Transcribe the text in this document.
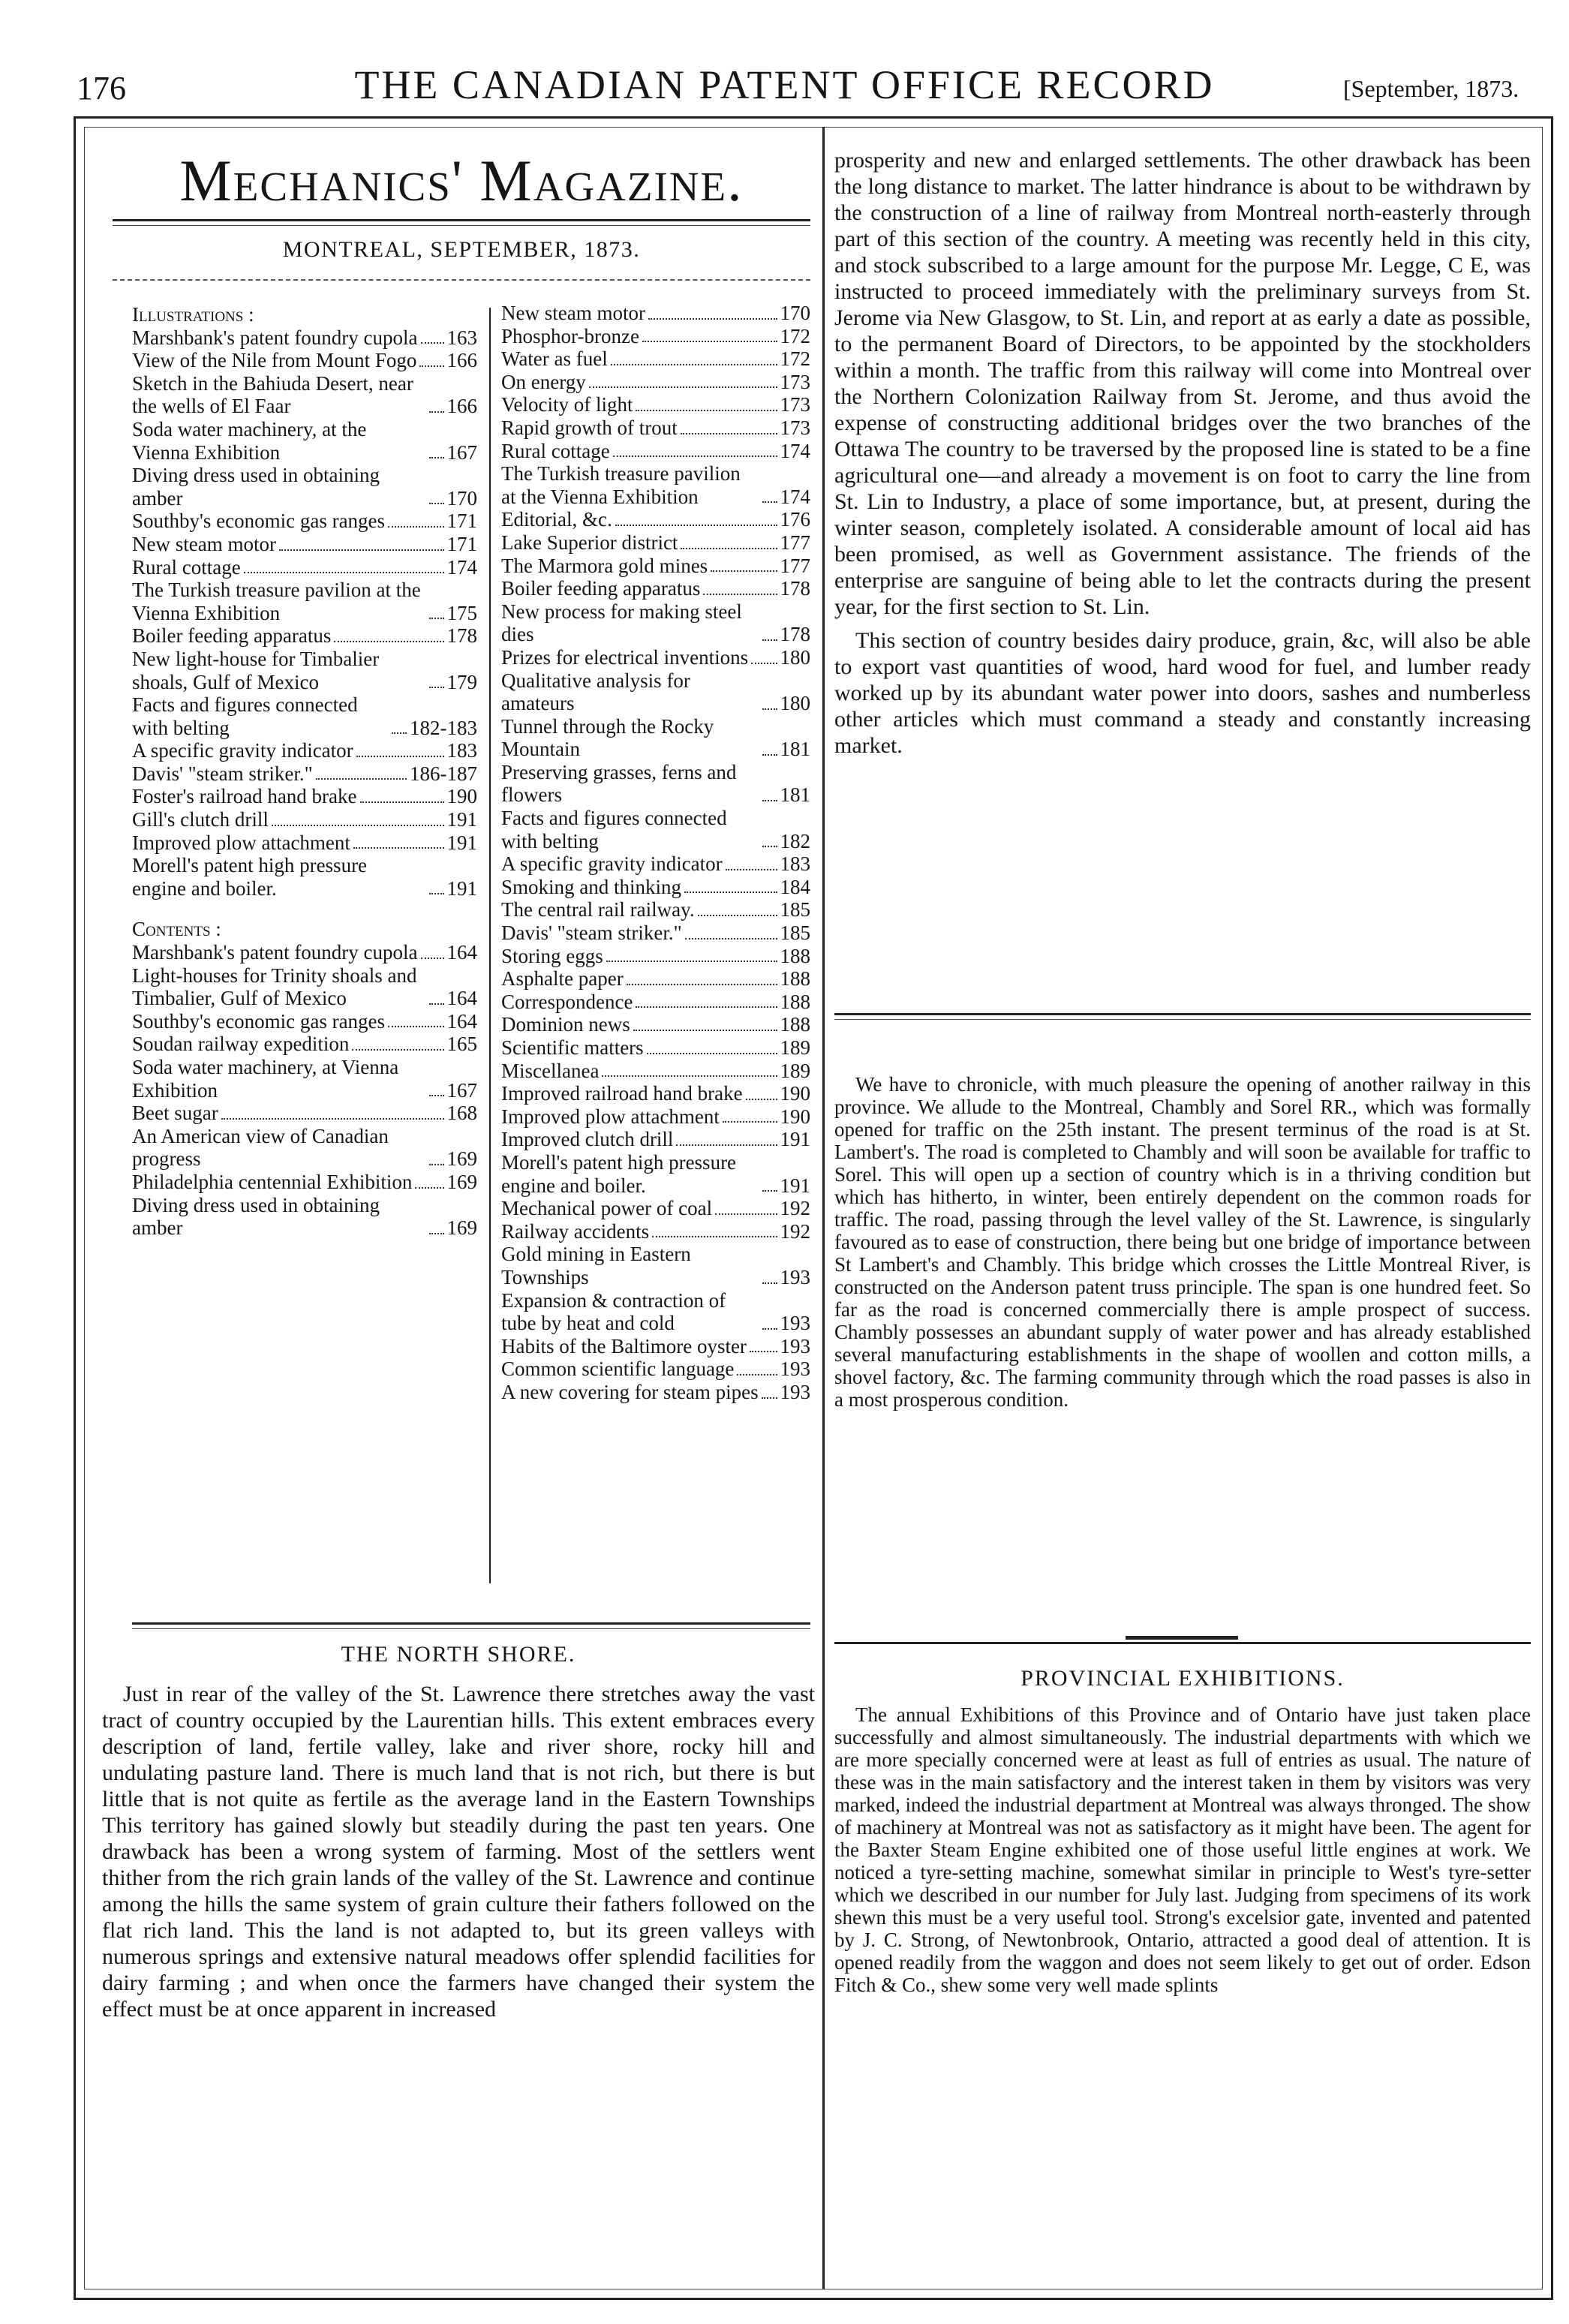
176	THE CANADIAN PATENT OFFICE RECORD	[September, 1873.
Mechanics' Magazine.
MONTREAL, SEPTEMBER, 1873.
Illustrations :
Marshbank's patent foundry cupola 163
View of the Nile from Mount Fogo 166
Sketch in the Bahiuda Desert, near the wells of El Faar	166
Soda water machinery, at the Vienna Exhibition	167
Diving dress used in obtaining amber	170
Southby's economic gas ranges	171
New steam motor	171
Rural cottage	174
The Turkish treasure pavilion at the Vienna Exhibition	175
Boiler feeding apparatus	178
New light-house for Timbalier shoals, Gulf of Mexico	179
Facts and figures connected with belting	182-183
A specific gravity indicator	183
Davis' "steam striker."	186-187
Foster's railroad hand brake	190
Gill's clutch drill	191
Improved plow attachment	191
Morell's patent high pressure engine and boiler.	191
Contents :
Marshbank's patent foundry cupola 164
Light-houses for Trinity shoals and Timbalier, Gulf of Mexico	164
Southby's economic gas ranges	164
Soudan railway expedition	165
Soda water machinery, at Vienna Exhibition	167
Beet sugar	168
An American view of Canadian progress	169
Philadelphia centennial Exhibition 169
Diving dress used in obtaining amber	169
New steam motor	170
Phosphor-bronze	172
Water as fuel	172
On energy	173
Velocity of light	173
Rapid growth of trout	173
Rural cottage	174
The Turkish treasure pavilion at the Vienna Exhibition	174
Editorial, &c.	176
Lake Superior district	177
The Marmora gold mines	177
Boiler feeding apparatus	178
New process for making steel dies	178
Prizes for electrical inventions 180
Qualitative analysis for amateurs	180
Tunnel through the Rocky Mountain	181
Preserving grasses, ferns and flowers	181
Facts and figures connected with belting	182
A specific gravity indicator	183
Smoking and thinking	184
The central rail railway.	185
Davis' "steam striker."	185
Storing eggs	188
Asphalte paper	188
Correspondence	188
Dominion news	188
Scientific matters	189
Miscellanea	189
Improved railroad hand brake 190
Improved plow attachment	190
Improved clutch drill	191
Morell's patent high pressure engine and boiler.	191
Mechanical power of coal	192
Railway accidents	192
Gold mining in Eastern Townships	193
Expansion & contraction of tube by heat and cold	193
Habits of the Baltimore oyster 193
Common scientific language 193
A new covering for steam pipes 193
THE NORTH SHORE.

Just in rear of the valley of the St. Lawrence there stretches away the vast tract of country occupied by the Laurentian hills. This extent embraces every description of land, fertile valley, lake and river shore, rocky hill and undulating pasture land. There is much land that is not rich, but there is but little that is not quite as fertile as the average land in the Eastern Townships This territory has gained slowly but steadily during the past ten years. One drawback has been a wrong system of farming. Most of the settlers went thither from the rich grain lands of the valley of the St. Lawrence and continue among the hills the same system of grain culture their fathers followed on the flat rich land. This the land is not adapted to, but its green valleys with numerous springs and extensive natural meadows offer splendid facilities for dairy farming ; and when once the farmers have changed their system the effect must be at once apparent in increased

prosperity and new and enlarged settlements. The other drawback has been the long distance to market. The latter hindrance is about to be withdrawn by the construction of a line of railway from Montreal north-easterly through part of this section of the country. A meeting was recently held in this city, and stock subscribed to a large amount for the purpose Mr. Legge, C E, was instructed to proceed immediately with the preliminary surveys from St. Jerome via New Glasgow, to St. Lin, and report at as early a date as possible, to the permanent Board of Directors, to be appointed by the stockholders within a month. The traffic from this railway will come into Montreal over the Northern Colonization Railway from St. Jerome, and thus avoid the expense of constructing additional bridges over the two branches of the Ottawa The country to be traversed by the proposed line is stated to be a fine agricultural one—and already a movement is on foot to carry the line from St. Lin to Industry, a place of some importance, but, at present, during the winter season, completely isolated. A considerable amount of local aid has been promised, as well as Government assistance. The friends of the enterprise are sanguine of being able to let the contracts during the present year, for the first section to St. Lin.

This section of country besides dairy produce, grain, &c, will also be able to export vast quantities of wood, hard wood for fuel, and lumber ready worked up by its abundant water power into doors, sashes and numberless other articles which must command a steady and constantly increasing market.

We have to chronicle, with much pleasure the opening of another railway in this province. We allude to the Montreal, Chambly and Sorel RR., which was formally opened for traffic on the 25th instant. The present terminus of the road is at St. Lambert's. The road is completed to Chambly and will soon be available for traffic to Sorel. This will open up a section of country which is in a thriving condition but which has hitherto, in winter, been entirely dependent on the common roads for traffic. The road, passing through the level valley of the St. Lawrence, is singularly favoured as to ease of construction, there being but one bridge of importance between St Lambert's and Chambly. This bridge which crosses the Little Montreal River, is constructed on the Anderson patent truss principle. The span is one hundred feet. So far as the road is concerned commercially there is ample prospect of success. Chambly possesses an abundant supply of water power and has already established several manufacturing establishments in the shape of woollen and cotton mills, a shovel factory, &c. The farming community through which the road passes is also in a most prosperous condition.

PROVINCIAL EXHIBITIONS.

The annual Exhibitions of this Province and of Ontario have just taken place successfully and almost simultaneously. The industrial departments with which we are more specially concerned were at least as full of entries as usual. The nature of these was in the main satisfactory and the interest taken in them by visitors was very marked, indeed the industrial department at Montreal was always thronged. The show of machinery at Montreal was not as satisfactory as it might have been. The agent for the Baxter Steam Engine exhibited one of those useful little engines at work. We noticed a tyre-setting machine, somewhat similar in principle to West's tyre-setter which we described in our number for July last. Judging from specimens of its work shewn this must be a very useful tool. Strong's excelsior gate, invented and patented by J. C. Strong, of Newtonbrook, Ontario, attracted a good deal of attention. It is opened readily from the waggon and does not seem likely to get out of order. Edson Fitch & Co., shew some very well made splints
